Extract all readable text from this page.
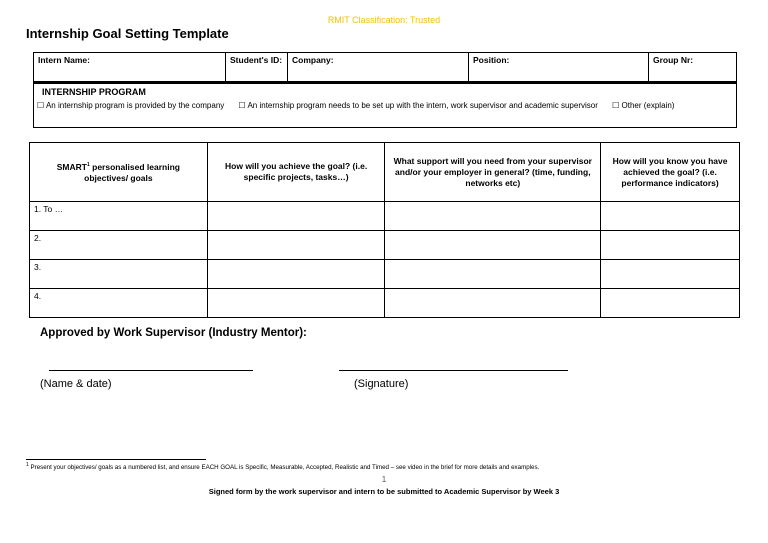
RMIT Classification: Trusted
Internship Goal Setting Template
Intern Name:	Student's ID:	Company:	Position:	Group Nr:
INTERNSHIP PROGRAM
☐ An internship program is provided by the company ☐ An internship program needs to be set up with the intern, work supervisor and academic supervisor ☐ Other (explain)
SMART$^1$ personalised learning objectives/ goals	How will you achieve the goal? (i.e. specific projects, tasks…)	What support will you need from your supervisor and/or your employer in general? (time, funding, networks etc)	How will you know you have achieved the goal? (i.e. performance indicators)
1. To …			
2.			
3.			
4.			
Approved by Work Supervisor (Industry Mentor):
(Name & date)	(Signature)
$^1$ Present your objectives/ goals as a numbered list, and ensure EACH GOAL is Specific, Measurable, Accepted, Realistic and Timed – see video in the brief for more details and examples.
1
Signed form by the work supervisor and intern to be submitted to Academic Supervisor by Week 3
